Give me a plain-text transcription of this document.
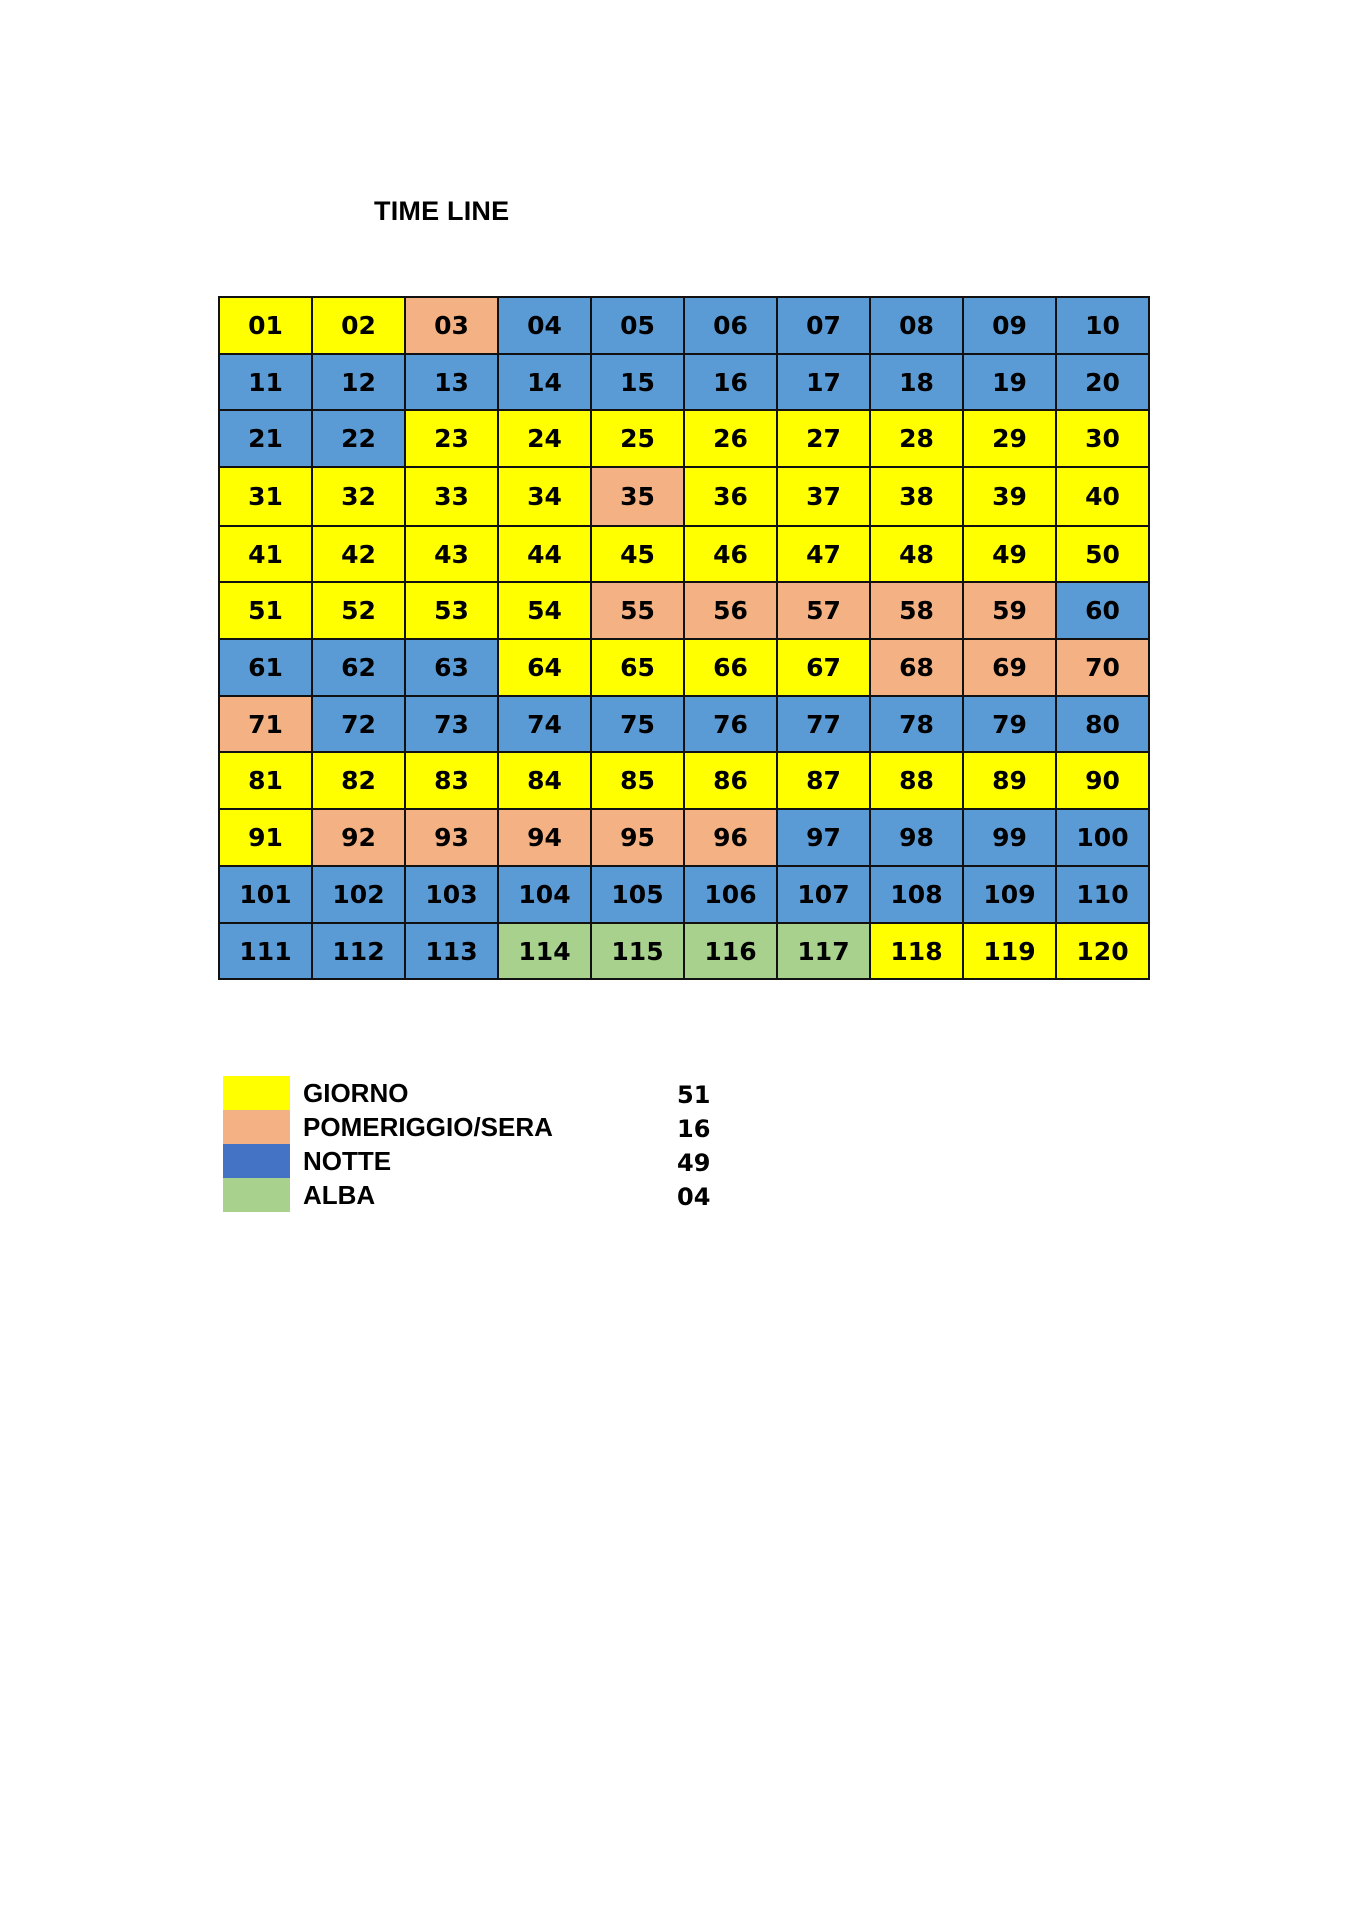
TIME LINE
01	02	03	04	05	06	07	08	09	10
11	12	13	14	15	16	17	18	19	20
21	22	23	24	25	26	27	28	29	30
31	32	33	34	35	36	37	38	39	40
41	42	43	44	45	46	47	48	49	50
51	52	53	54	55	56	57	58	59	60
61	62	63	64	65	66	67	68	69	70
71	72	73	74	75	76	77	78	79	80
81	82	83	84	85	86	87	88	89	90
91	92	93	94	95	96	97	98	99	100
101	102	103	104	105	106	107	108	109	110
111	112	113	114	115	116	117	118	119	120
GIORNO	51
POMERIGGIO/SERA	16
NOTTE	49
ALBA	04
